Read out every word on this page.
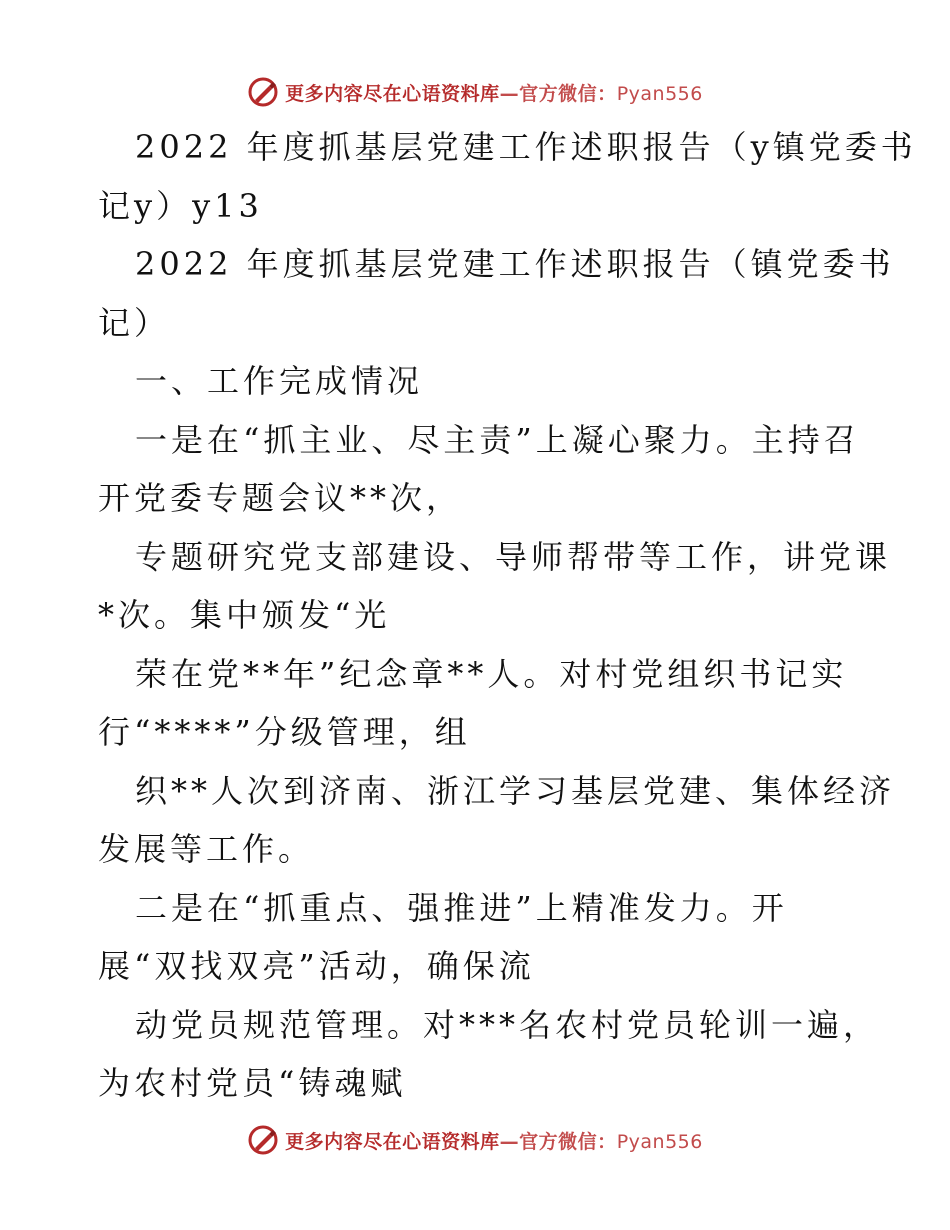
更多内容尽在心语资料库—官方微信：Pyan556
2022 年度抓基层党建工作述职报告（y镇党委书
记y）y13
2022 年度抓基层党建工作述职报告（镇党委书
记）
一、工作完成情况
一是在“抓主业、尽主责”上凝心聚力。主持召
开党委专题会议**次，
专题研究党支部建设、导师帮带等工作，讲党课
*次。集中颁发“光
荣在党**年”纪念章**人。对村党组织书记实
行“****”分级管理，组
织**人次到济南、浙江学习基层党建、集体经济
发展等工作。
二是在“抓重点、强推进”上精准发力。开
展“双找双亮”活动，确保流
动党员规范管理。对***名农村党员轮训一遍，
为农村党员“铸魂赋
更多内容尽在心语资料库—官方微信：Pyan556
